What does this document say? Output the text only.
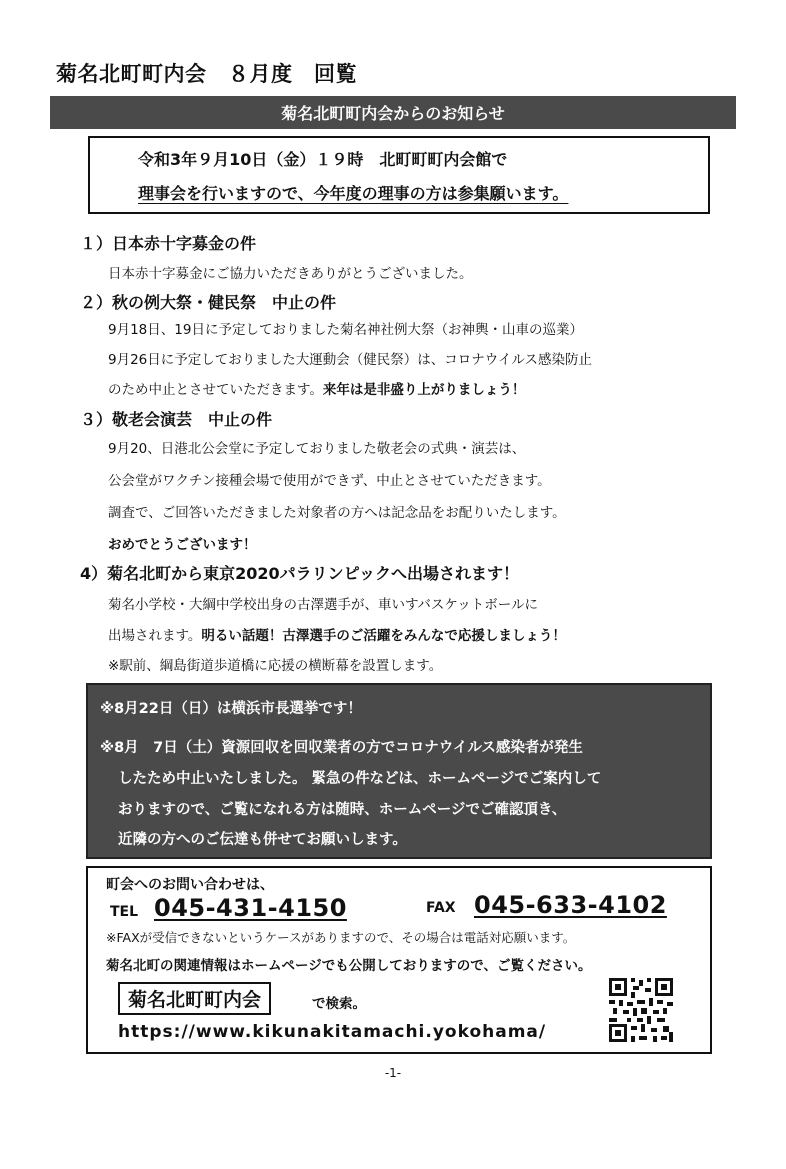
菊名北町町内会　８月度　回覧
菊名北町町内会からのお知らせ
令和3年９月10日（金）１９時　北町町町内会館で
理事会を行いますので、今年度の理事の方は参集願います。
１）日本赤十字募金の件
日本赤十字募金にご協力いただきありがとうございました。
２）秋の例大祭・健民祭　中止の件
9月18日、19日に予定しておりました菊名神社例大祭（お神輿・山車の巡業）
9月26日に予定しておりました大運動会（健民祭）は、コロナウイルス感染防止
のため中止とさせていただきます。来年は是非盛り上がりましょう！
３）敬老会演芸　中止の件
9月20、日港北公会堂に予定しておりました敬老会の式典・演芸は、
公会堂がワクチン接種会場で使用ができず、中止とさせていただきます。
調査で、ご回答いただきました対象者の方へは記念品をお配りいたします。
おめでとうございます！
4）菊名北町から東京2020パラリンピックへ出場されます！
菊名小学校・大綱中学校出身の古澤選手が、車いすバスケットボールに
出場されます。明るい話題！古澤選手のご活躍をみんなで応援しましょう！
※駅前、綱島街道歩道橋に応援の横断幕を設置します。
※8月22日（日）は横浜市長選挙です！
※8月　7日（土）資源回収を回収業者の方でコロナウイルス感染者が発生
したため中止いたしました。 緊急の件などは、ホームページでご案内して
おりますので、ご覧になれる方は随時、ホームページでご確認頂き、
近隣の方へのご伝達も併せてお願いします。
町会へのお問い合わせは、
TEL 045-431-4150	FAX 045-633-4102
※FAXが受信できないというケースがありますので、その場合は電話対応願います。
菊名北町の関連情報はホームページでも公開しておりますので、ご覧ください。
菊名北町町内会	で検索。
https://www.kikunakitamachi.yokohama/
-1-
